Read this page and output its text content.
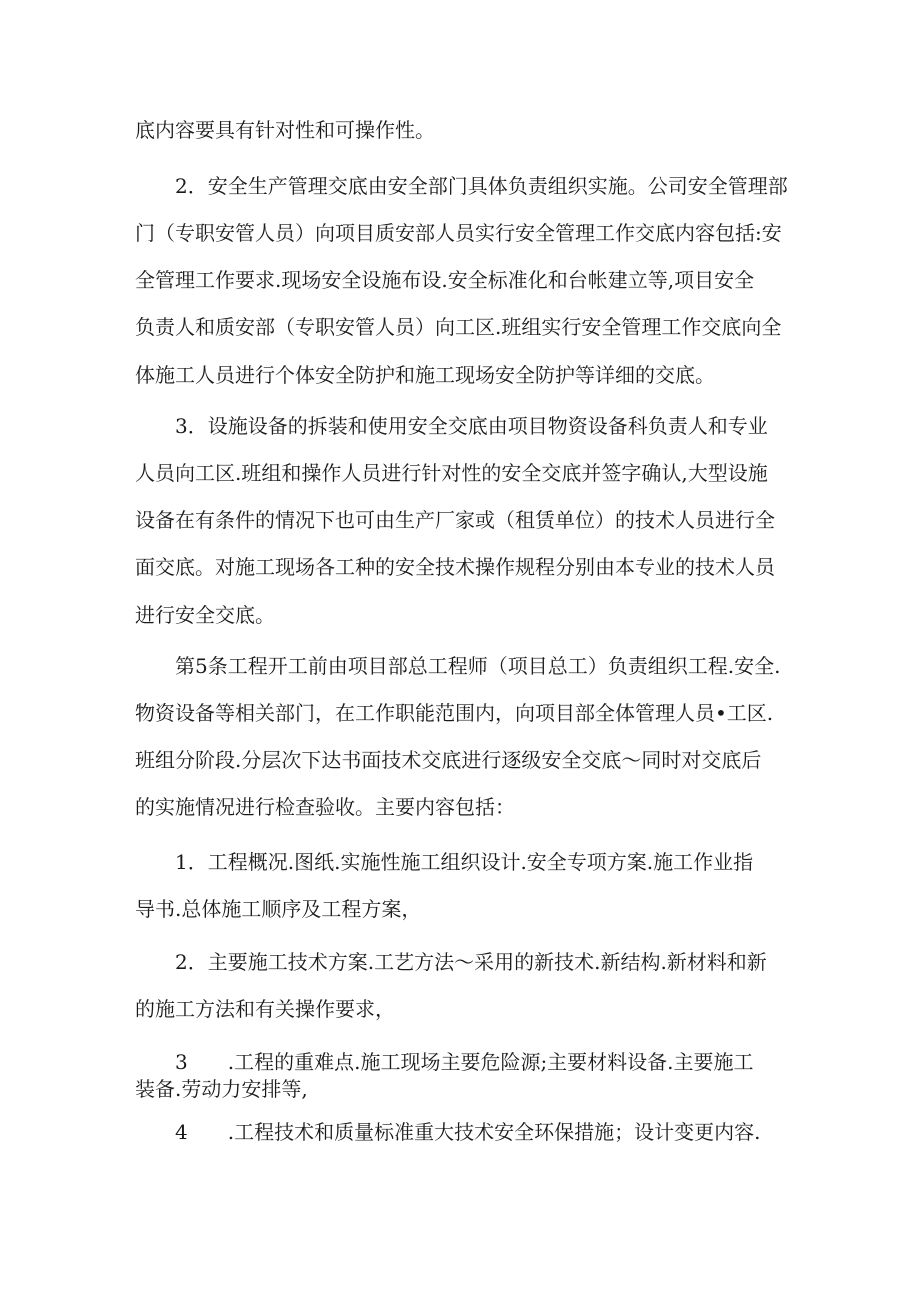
底内容要具有针对性和可操作性。
2．安全生产管理交底由安全部门具体负责组织实施。公司安全管理部
门（专职安管人员）向项目质安部人员实行安全管理工作交底内容包括:安
全管理工作要求.现场安全设施布设.安全标准化和台帐建立等,项目安全
负责人和质安部（专职安管人员）向工区.班组实行安全管理工作交底向全
体施工人员进行个体安全防护和施工现场安全防护等详细的交底。
3．设施设备的拆装和使用安全交底由项目物资设备科负责人和专业
人员向工区.班组和操作人员进行针对性的安全交底并签字确认,大型设施
设备在有条件的情况下也可由生产厂家或（租赁单位）的技术人员进行全
面交底。对施工现场各工种的安全技术操作规程分别由本专业的技术人员
进行安全交底。
第5条工程开工前由项目部总工程师（项目总工）负责组织工程.安全.
物资设备等相关部门，在工作职能范围内，向项目部全体管理人员•工区.
班组分阶段.分层次下达书面技术交底进行逐级安全交底～同时对交底后
的实施情况进行检查验收。主要内容包括：
1．工程概况.图纸.实施性施工组织设计.安全专项方案.施工作业指
导书.总体施工顺序及工程方案，
2．主要施工技术方案.工艺方法～采用的新技术.新结构.新材料和新
的施工方法和有关操作要求，
3　　.工程的重难点.施工现场主要危险源;主要材料设备.主要施工
装备.劳动力安排等,
4　　.工程技术和质量标准重大技术安全环保措施；设计变更内容.
